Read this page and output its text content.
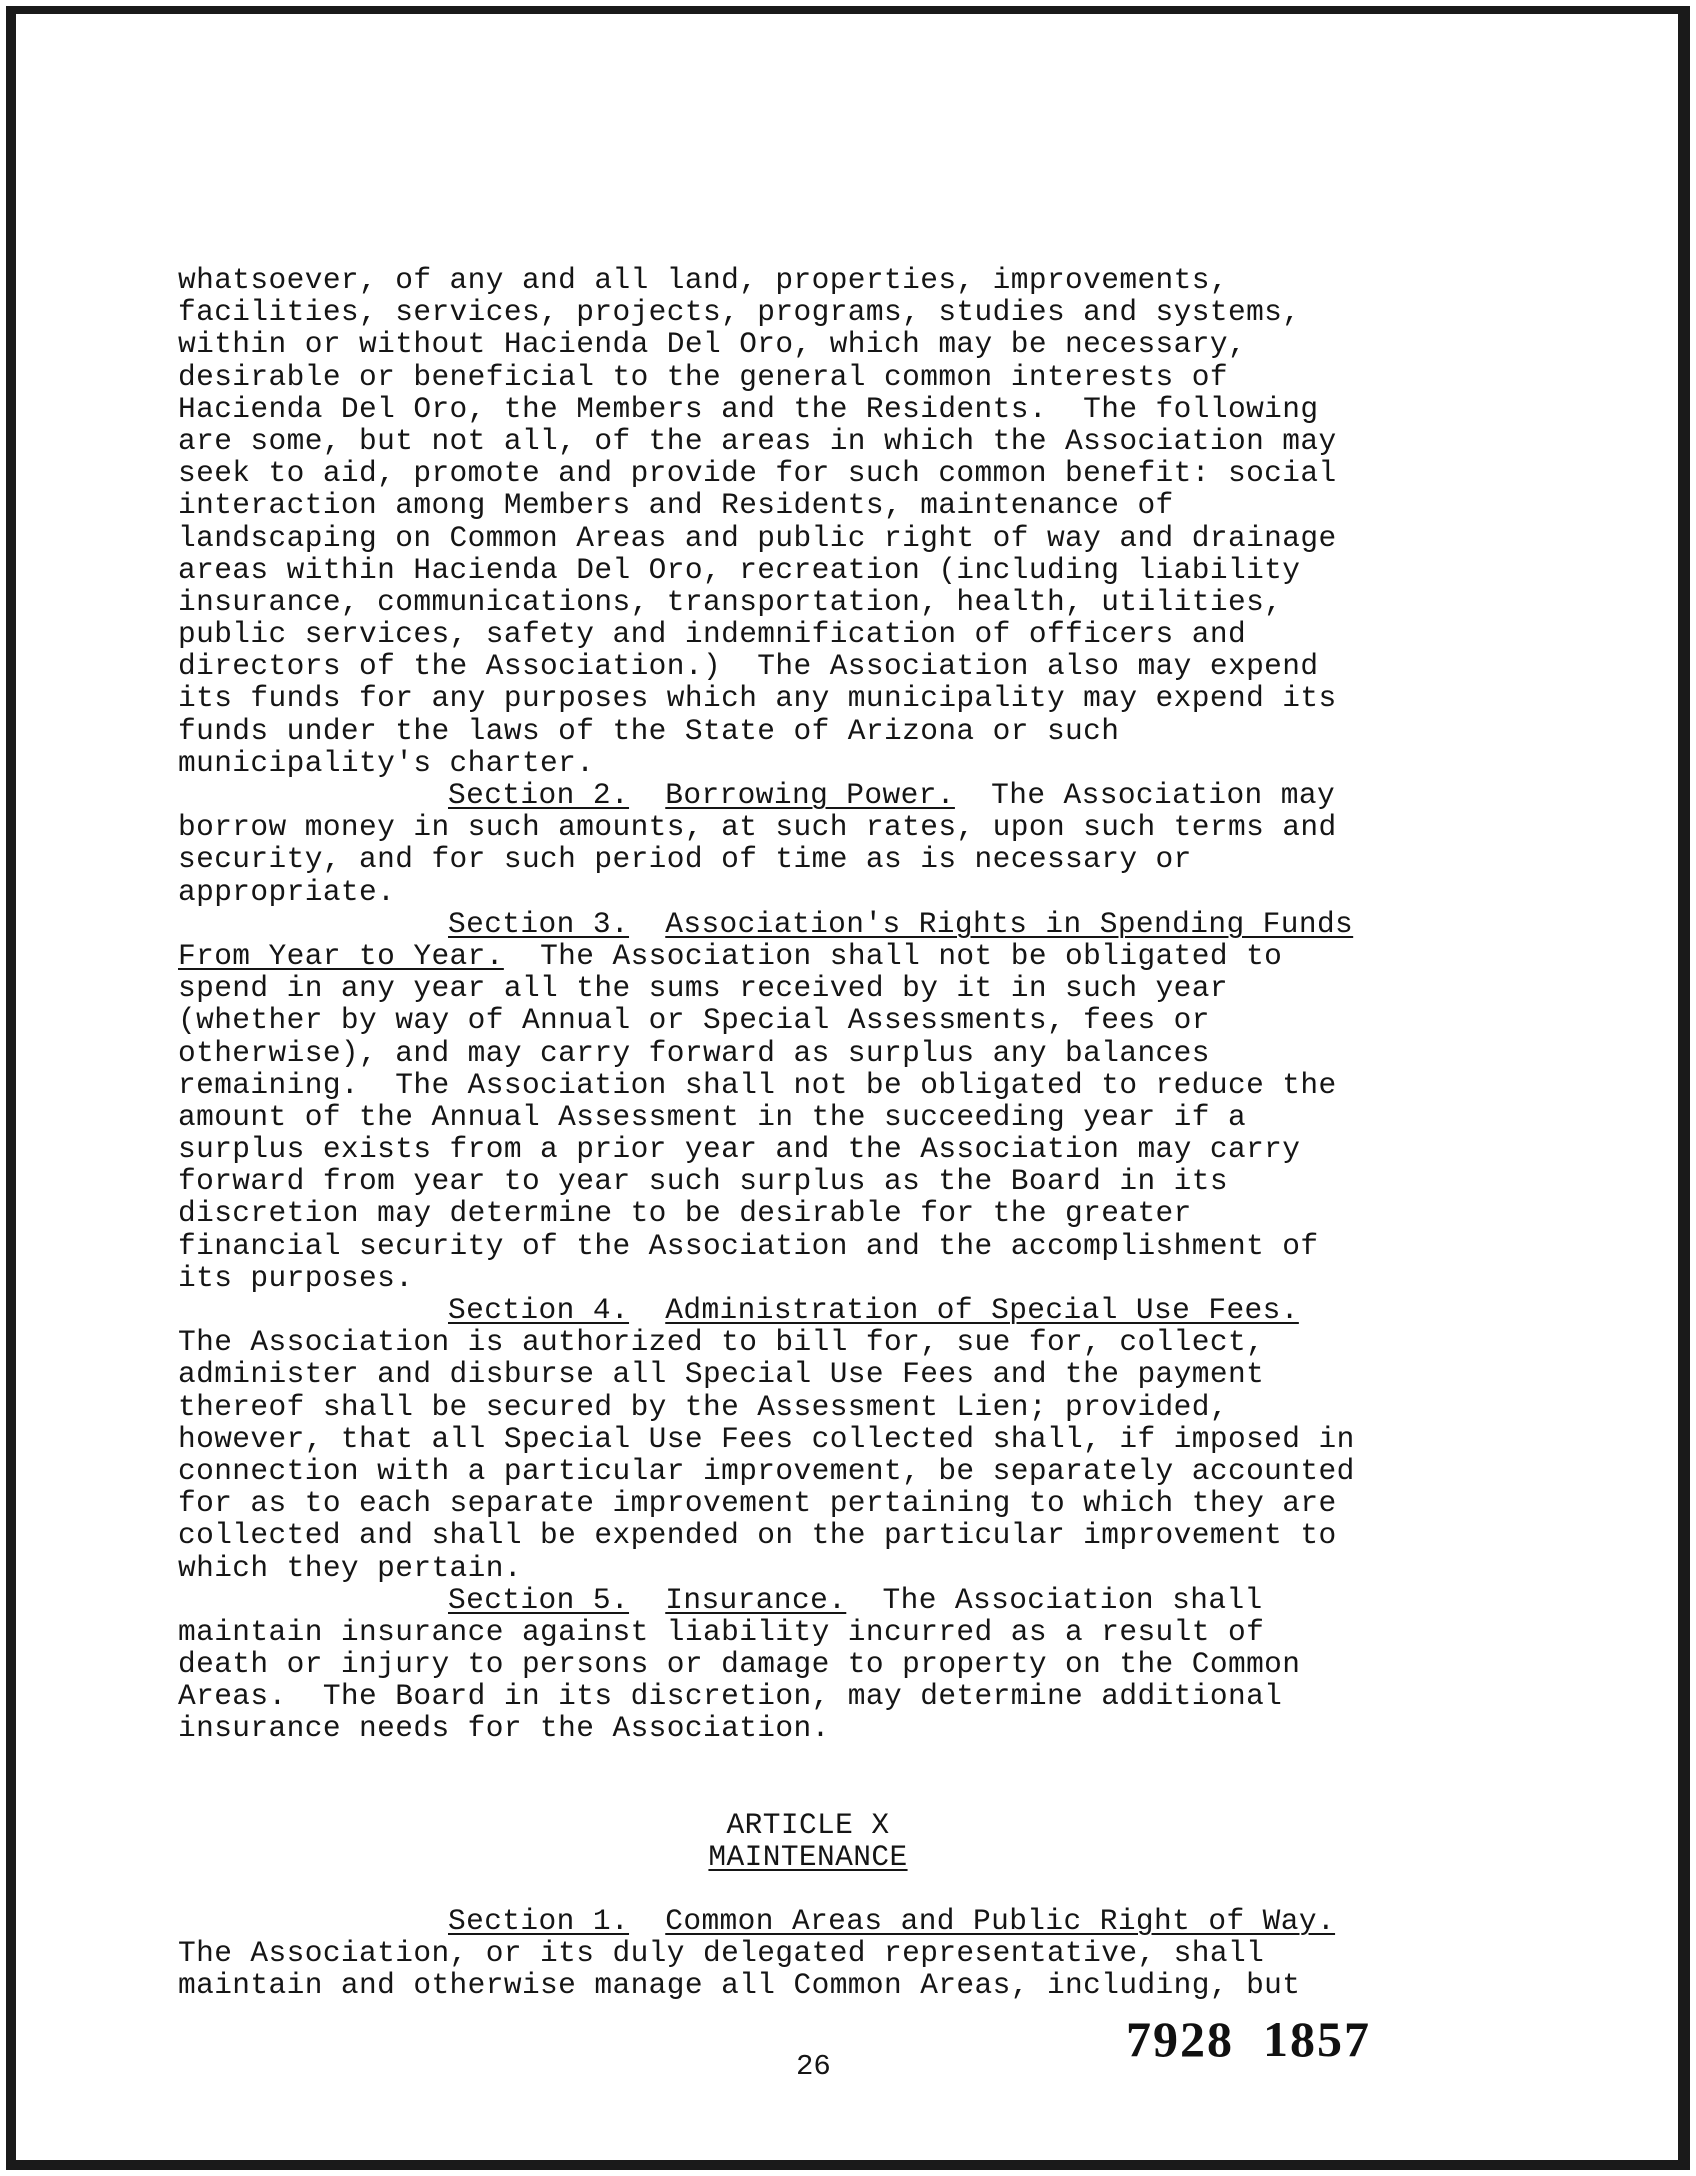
whatsoever, of any and all land, properties, improvements,
facilities, services, projects, programs, studies and systems,
within or without Hacienda Del Oro, which may be necessary,
desirable or beneficial to the general common interests of
Hacienda Del Oro, the Members and the Residents.  The following
are some, but not all, of the areas in which the Association may
seek to aid, promote and provide for such common benefit: social
interaction among Members and Residents, maintenance of
landscaping on Common Areas and public right of way and drainage
areas within Hacienda Del Oro, recreation (including liability
insurance, communications, transportation, health, utilities,
public services, safety and indemnification of officers and
directors of the Association.)  The Association also may expend
its funds for any purposes which any municipality may expend its
funds under the laws of the State of Arizona or such
municipality's charter.
Section 2. Borrowing Power.  The Association may
borrow money in such amounts, at such rates, upon such terms and
security, and for such period of time as is necessary or
appropriate.
Section 3. Association's Rights in Spending Funds
From Year to Year.  The Association shall not be obligated to
spend in any year all the sums received by it in such year
(whether by way of Annual or Special Assessments, fees or
otherwise), and may carry forward as surplus any balances
remaining.  The Association shall not be obligated to reduce the
amount of the Annual Assessment in the succeeding year if a
surplus exists from a prior year and the Association may carry
forward from year to year such surplus as the Board in its
discretion may determine to be desirable for the greater
financial security of the Association and the accomplishment of
its purposes.
Section 4. Administration of Special Use Fees.
The Association is authorized to bill for, sue for, collect,
administer and disburse all Special Use Fees and the payment
thereof shall be secured by the Assessment Lien; provided,
however, that all Special Use Fees collected shall, if imposed in
connection with a particular improvement, be separately accounted
for as to each separate improvement pertaining to which they are
collected and shall be expended on the particular improvement to
which they pertain.
Section 5. Insurance.  The Association shall
maintain insurance against liability incurred as a result of
death or injury to persons or damage to property on the Common
Areas.  The Board in its discretion, may determine additional
insurance needs for the Association.
ARTICLE X
MAINTENANCE
Section 1. Common Areas and Public Right of Way.
The Association, or its duly delegated representative, shall
maintain and otherwise manage all Common Areas, including, but
7928  1857
26
